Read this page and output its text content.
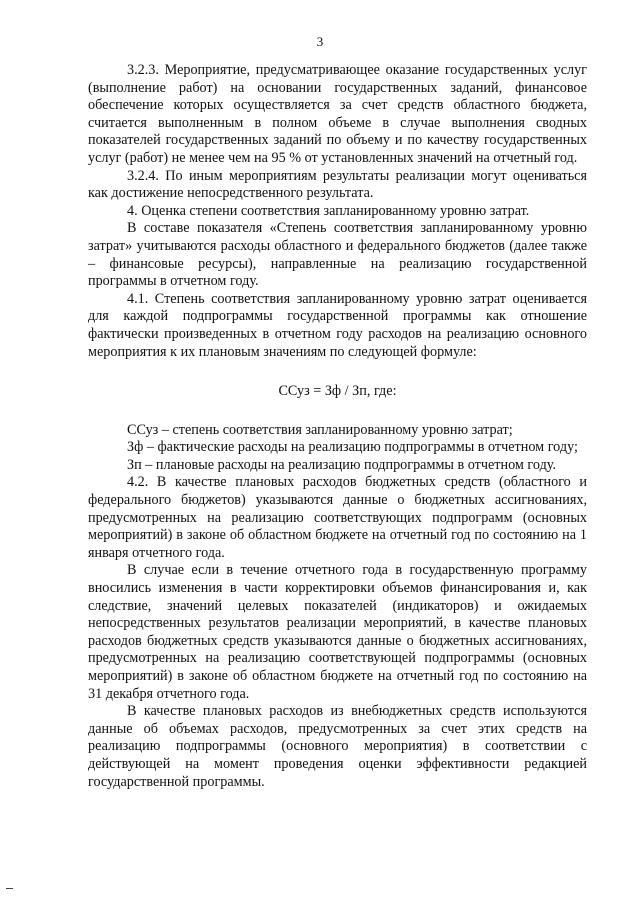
3

3.2.3. Мероприятие, предусматривающее оказание государственных услуг (выполнение работ) на основании государственных заданий, финансовое обеспечение которых осуществляется за счет средств областного бюджета, считается выполненным в полном объеме в случае выполнения сводных показателей государственных заданий по объему и по качеству государственных услуг (работ) не менее чем на 95 % от установленных значений на отчетный год.

3.2.4. По иным мероприятиям результаты реализации могут оцениваться как достижение непосредственного результата.

4. Оценка степени соответствия запланированному уровню затрат.

В составе показателя «Степень соответствия запланированному уровню затрат» учитываются расходы областного и федерального бюджетов (далее также – финансовые ресурсы), направленные на реализацию государственной программы в отчетном году.

4.1. Степень соответствия запланированному уровню затрат оценивается для каждой подпрограммы государственной программы как отношение фактически произведенных в отчетном году расходов на реализацию основного мероприятия к их плановым значениям по следующей формуле:

ССуз = Зф / Зп, где:

ССуз – степень соответствия запланированному уровню затрат;

Зф – фактические расходы на реализацию подпрограммы в отчетном году;

Зп – плановые расходы на реализацию подпрограммы в отчетном году.

4.2. В качестве плановых расходов бюджетных средств (областного и федерального бюджетов) указываются данные о бюджетных ассигнованиях, предусмотренных на реализацию соответствующих подпрограмм (основных мероприятий) в законе об областном бюджете на отчетный год по состоянию на 1 января отчетного года.

В случае если в течение отчетного года в государственную программу вносились изменения в части корректировки объемов финансирования и, как следствие, значений целевых показателей (индикаторов) и ожидаемых непосредственных результатов реализации мероприятий, в качестве плановых расходов бюджетных средств указываются данные о бюджетных ассигнованиях, предусмотренных на реализацию соответствующей подпрограммы (основных мероприятий) в законе об областном бюджете на отчетный год по состоянию на 31 декабря отчетного года.

В качестве плановых расходов из внебюджетных средств используются данные об объемах расходов, предусмотренных за счет этих средств на реализацию подпрограммы (основного мероприятия) в соответствии с действующей на момент проведения оценки эффективности редакцией государственной программы.
